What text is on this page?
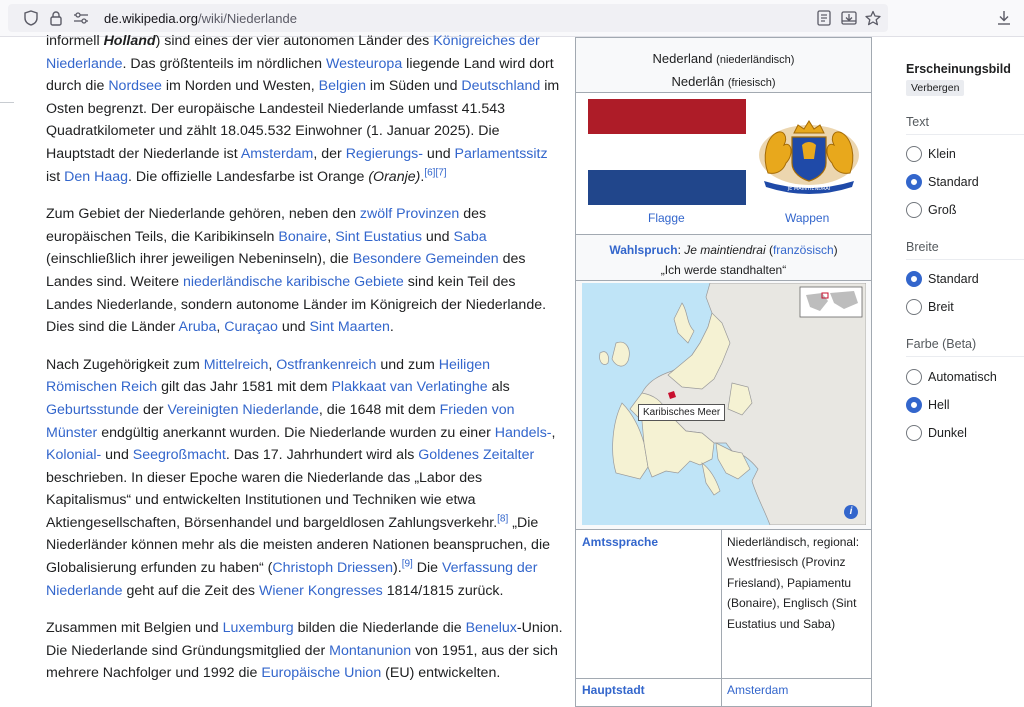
de.wikipedia.org/wiki/Niederlande

informell Holland) sind eines der vier autonomen Länder des Königreiches der Niederlande. Das größtenteils im nördlichen Westeuropa liegende Land wird dort durch die Nordsee im Norden und Westen, Belgien im Süden und Deutschland im Osten begrenzt. Der europäische Landesteil Niederlande umfasst 41.543 Quadratkilometer und zählt 18.045.532 Einwohner (1. Januar 2025). Die Hauptstadt der Niederlande ist Amsterdam, der Regierungs- und Parlamentssitz ist Den Haag. Die offizielle Landesfarbe ist Orange (Oranje).[6][7]

Zum Gebiet der Niederlande gehören, neben den zwölf Provinzen des europäischen Teils, die Karibikinseln Bonaire, Sint Eustatius und Saba (einschließlich ihrer jeweiligen Nebeninseln), die Besondere Gemeinden des Landes sind. Weitere niederländische karibische Gebiete sind kein Teil des Landes Niederlande, sondern autonome Länder im Königreich der Niederlande. Dies sind die Länder Aruba, Curaçao und Sint Maarten.

Nach Zugehörigkeit zum Mittelreich, Ostfrankenreich und zum Heiligen Römischen Reich gilt das Jahr 1581 mit dem Plakkaat van Verlatinghe als Geburtsstunde der Vereinigten Niederlande, die 1648 mit dem Frieden von Münster endgültig anerkannt wurden. Die Niederlande wurden zu einer Handels-, Kolonial- und Seegroßmacht. Das 17. Jahrhundert wird als Goldenes Zeitalter beschrieben. In dieser Epoche waren die Niederlande das „Labor des Kapitalismus“ und entwickelten Institutionen und Techniken wie etwa Aktiengesellschaften, Börsenhandel und bargeldlosen Zahlungsverkehr.[8] „Die Niederländer können mehr als die meisten anderen Nationen beanspruchen, die Globalisierung erfunden zu haben“ (Christoph Driessen).[9] Die Verfassung der Niederlande geht auf die Zeit des Wiener Kongresses 1814/1815 zurück.

Zusammen mit Belgien und Luxemburg bilden die Niederlande die Benelux-Union. Die Niederlande sind Gründungsmitglied der Montanunion von 1951, aus der sich mehrere Nachfolger und 1992 die Europäische Union (EU) entwickelten.

Nederland (niederländisch)
Nederlân (friesisch)
Flagge
JE MAINTIENDRAI
Wappen
Wahlspruch: Je maintiendrai (französisch)
„Ich werde standhalten“
Karibisches Meer
i
Amtssprache	Niederländisch, regional: Westfriesisch (Provinz Friesland), Papiamentu (Bonaire), Englisch (Sint Eustatius und Saba)
Hauptstadt	Amsterdam
Erscheinungsbild
Verbergen
Text
Klein
Standard
Groß
Breite
Standard
Breit
Farbe (Beta)
Automatisch
Hell
Dunkel
